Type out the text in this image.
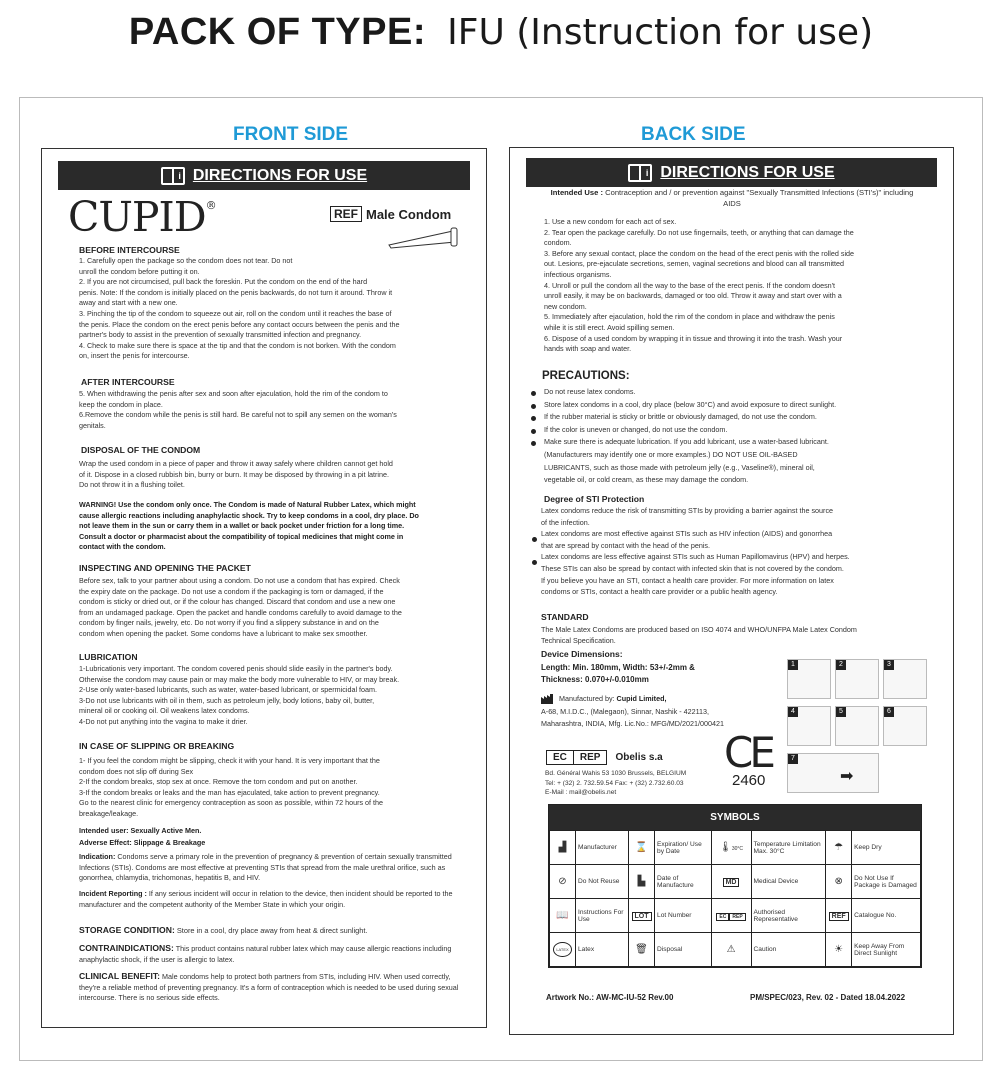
PACK OF TYPE: IFU (Instruction for use)
FRONT SIDE	BACK SIDE
i DIRECTIONS FOR USE
CUPID®
REF Male Condom
BEFORE INTERCOURSE
1. Carefully open the package so the condom does not tear. Do not
unroll the condom before putting it on.
2. If you are not circumcised, pull back the foreskin. Put the condom on the end of the hard
penis. Note: If the condom is initially placed on the penis backwards, do not turn it around. Throw it
away and start with a new one.
3. Pinching the tip of the condom to squeeze out air, roll on the condom until it reaches the base of
the penis. Place the condom on the erect penis before any contact occurs between the penis and the
partner's body to assist in the prevention of sexually transmitted infection and pregnancy.
4. Check to make sure there is space at the tip and that the condom is not borken. With the condom
on, insert the penis for intercourse.
AFTER INTERCOURSE
5. When withdrawing the penis after sex and soon after ejaculation, hold the rim of the condom to
keep the condom in place.
6.Remove the condom while the penis is still hard. Be careful not to spill any semen on the woman's
genitals.
DISPOSAL OF THE CONDOM
Wrap the used condom in a piece of paper and throw it away safely where children cannot get hold
of it. Dispose in a closed rubbish bin, burry or burn. It may be disposed by throwing in a pit latrine.
Do not throw it in a flushing toilet.
WARNING! Use the condom only once. The Condom is made of Natural Rubber Latex, which might
cause allergic reactions including anaphylactic shock. Try to keep condoms in a cool, dry place. Do
not leave them in the sun or carry them in a wallet or back pocket under friction for a long time.
Consult a doctor or pharmacist about the compatibility of topical medicines that might come in
contact with the condom.
INSPECTING AND OPENING THE PACKET
Before sex, talk to your partner about using a condom. Do not use a condom that has expired. Check
the expiry date on the package. Do not use a condom if the packaging is torn or damaged, if the
condom is sticky or dried out, or if the colour has changed. Discard that condom and use a new one
from an undamaged package. Open the packet and handle condoms carefully to avoid damage to the
condom by finger nails, jewelry, etc. Do not worry if you find a slippery substance in and on the
condom when opening the packet. Some condoms have a lubricant to make sex smoother.
LUBRICATION
1-Lubricationis very important. The condom covered penis should slide easily in the partner's body.
Otherwise the condom may cause pain or may make the body more vulnerable to HIV, or may break.
2-Use only water-based lubricants, such as water, water-based lubricant, or spermicidal foam.
3-Do not use lubricants with oil in them, such as petroleum jelly, body lotions, baby oil, butter,
mineral oil or cooking oil. Oil weakens latex condoms.
4-Do not put anything into the vagina to make it drier.
IN CASE OF SLIPPING OR BREAKING
1- If you feel the condom might be slipping, check it with your hand. It is very important that the
condom does not slip off during Sex
2-If the condom breaks, stop sex at once. Remove the torn condom and put on another.
3-If the condom breaks or leaks and the man has ejaculated, take action to prevent pregnancy.
Go to the nearest clinic for emergency contraception as soon as possible, within 72 hours of the
breakage/leakage.
Intended user: Sexually Active Men.
Adverse Effect: Slippage & Breakage
Indication: Condoms serve a primary role in the prevention of pregnancy & prevention of certain sexually transmitted Infections (STIs). Condoms are most effective at preventing STIs that spread from the male urethral orifice, such as gonorrhea, chlamydia, trichomonas, hepatitis B, and HIV.
Incident Reporting : If any serious incident will occur in relation to the device, then incident should be reported to the manufacturer and the competent authority of the Member State in which your origin.
STORAGE CONDITION: Store in a cool, dry place away from heat & direct sunlight.
CONTRAINDICATIONS: This product contains natural rubber latex which may cause allergic reactions including anaphylactic shock, if the user is allergic to latex.
CLINICAL BENEFIT: Male condoms help to protect both partners from STIs, including HIV. When used correctly, they're a reliable method of preventing pregnancy. It's a form of contraception which is needed to be used during sexual intercourse. There is no serious side effects.
i DIRECTIONS FOR USE
Intended Use : Contraception and / or prevention against "Sexually Transmitted Infections (STI's)" including AIDS
1. Use a new condom for each act of sex.
2. Tear open the package carefully. Do not use fingernails, teeth, or anything that can damage the
condom.
3. Before any sexual contact, place the condom on the head of the erect penis with the rolled side
out. Lesions, pre-ejaculate secretions, semen, vaginal secretions and blood can all transmitted
infectious organisms.
4. Unroll or pull the condom all the way to the base of the erect penis. If the condom doesn't
unroll easily, it may be on backwards, damaged or too old. Throw it away and start over with a
new condom.
5. Immediately after ejaculation, hold the rim of the condom in place and withdraw the penis
while it is still erect. Avoid spilling semen.
6. Dispose of a used condom by wrapping it in tissue and throwing it into the trash. Wash your
hands with soap and water.
PRECAUTIONS:
Do not reuse latex condoms.
Store latex condoms in a cool, dry place (below 30°C) and avoid exposure to direct sunlight.
If the rubber material is sticky or brittle or obviously damaged, do not use the condom.
If the color is uneven or changed, do not use the condom.
Make sure there is adequate lubrication. If you add lubricant, use a water-based lubricant.
(Manufacturers may identify one or more examples.) DO NOT USE OIL-BASED
LUBRICANTS, such as those made with petroleum jelly (e.g., Vaseline®), mineral oil,
vegetable oil, or cold cream, as these may damage the condom.
Degree of STI Protection
Latex condoms reduce the risk of transmitting STIs by providing a barrier against the source
of the infection.
Latex condoms are most effective against STIs such as HIV infection (AIDS) and gonorrhea
that are spread by contact with the head of the penis.
Latex condoms are less effective against STIs such as Human Papillomavirus (HPV) and herpes.
These STIs can also be spread by contact with infected skin that is not covered by the condom.
If you believe you have an STI, contact a health care provider. For more information on latex
condoms or STIs, contact a health care provider or a public health agency.
STANDARD
The Male Latex Condoms are produced based on ISO 4074 and WHO/UNFPA Male Latex Condom
Technical Specification.
Device Dimensions:
Length: Min. 180mm, Width: 53+/-2mm &
Thickness: 0.070+/-0.010mm
Manufactured by: Cupid Limited,
A-68, M.I.D.C., (Malegaon), Sinnar, Nashik - 422113,
Maharashtra, INDIA, Mfg. Lic.No.: MFG/MD/2021/000421
EC	REP	Obelis s.a
Bd. Général Wahis 53 1030 Brussels, BELGIUM
Tel: + (32) 2. 732.59.54 Fax: + (32) 2.732.60.03
E-Mail : mail@obelis.net
CE
2460
1	2	3
4	5	6
7
➡
SYMBOLS
▟	Manufacturer	⌛	Expiration/ Use by Date	🌡30°C	Temperature Limitation Max. 30°C	☂	Keep Dry
⊘	Do Not Reuse	▙	Date of Manufacture	MD	Medical Device	⊗	Do Not Use If Package is Damaged
📖	Instructions For Use	LOT	Lot Number	EC REP	Authorised Representative	REF	Catalogue No.
LATEX	Latex	🗑	Disposal	⚠	Caution	☀	Keep Away From Direct Sunlight
Artwork No.: AW-MC-IU-52 Rev.00	PM/SPEC/023, Rev. 02 - Dated 18.04.2022
